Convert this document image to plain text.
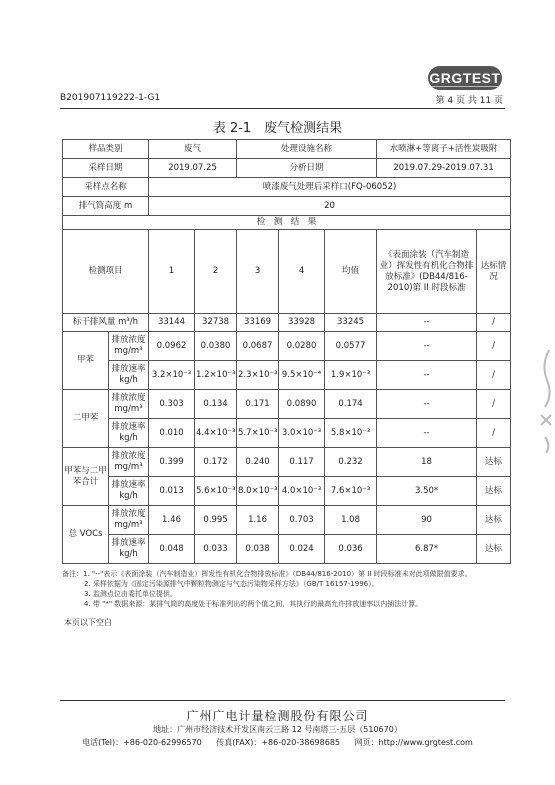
GRGTEST
B201907119222-1-G1	第 4 页 共 11 页
表 2-1　废气检测结果
样品类别		废气		处理设施名称			水喷淋+等离子+活性炭吸附	
采样日期		2019.07.25		分析日期			2019.07.29-2019.07.31	
采样点名称		喷漆废气处理后采样口(FQ-06052)						
排气筒高度 m		20						
检　测　结　果								
检测项目		1	2	3	4	均值	《表面涂装（汽车制造业）挥发性有机化合物排放标准》(DB44/816-2010)第 II 时段标准	达标情况
标干排风量 m³/h		33144	32738	33169	33928	33245	--	/
甲苯	排放浓度 mg/m³	0.0962	0.0380	0.0687	0.0280	0.0577	--	/
	排放速率 kg/h	3.2×10⁻³	1.2×10⁻³	2.3×10⁻³	9.5×10⁻⁴	1.9×10⁻³	--	/
二甲苯	排放浓度 mg/m³	0.303	0.134	0.171	0.0890	0.174	--	/
	排放速率 kg/h	0.010	4.4×10⁻³	5.7×10⁻³	3.0×10⁻³	5.8×10⁻³	--	/
甲苯与二甲苯合计	排放浓度 mg/m³	0.399	0.172	0.240	0.117	0.232	18	达标
	排放速率 kg/h	0.013	5.6×10⁻³	8.0×10⁻³	4.0×10⁻³	7.6×10⁻³	3.50*	达标
总 VOCs	排放浓度 mg/m³	1.46	0.995	1.16	0.703	1.08	90	达标
	排放速率 kg/h	0.048	0.033	0.038	0.024	0.036	6.87*	达标
备注：1. "--"表示《表面涂装（汽车制造业）挥发性有机化合物排放标准》（DB44/816-2010）第 II 时段标准未对此项做限值要求。
2. 采样依据为《固定污染源排气中颗粒物测定与气态污染物采样方法》（GB/T 16157-1996）。
3. 监测点位由委托单位提供。
4. 带 "*" 数据来源：某排气筒的高度处于标准列出的两个值之间，其执行的最高允许排放速率以内插法计算。
本页以下空白
广州广电计量检测股份有限公司
地址：广州市经济技术开发区南云三路 12 号南塔三-五层（510670）
电话(Tel)：+86-020-62996570 传真(FAX)：+86-020-38698685 网页：http://www.grgtest.com
